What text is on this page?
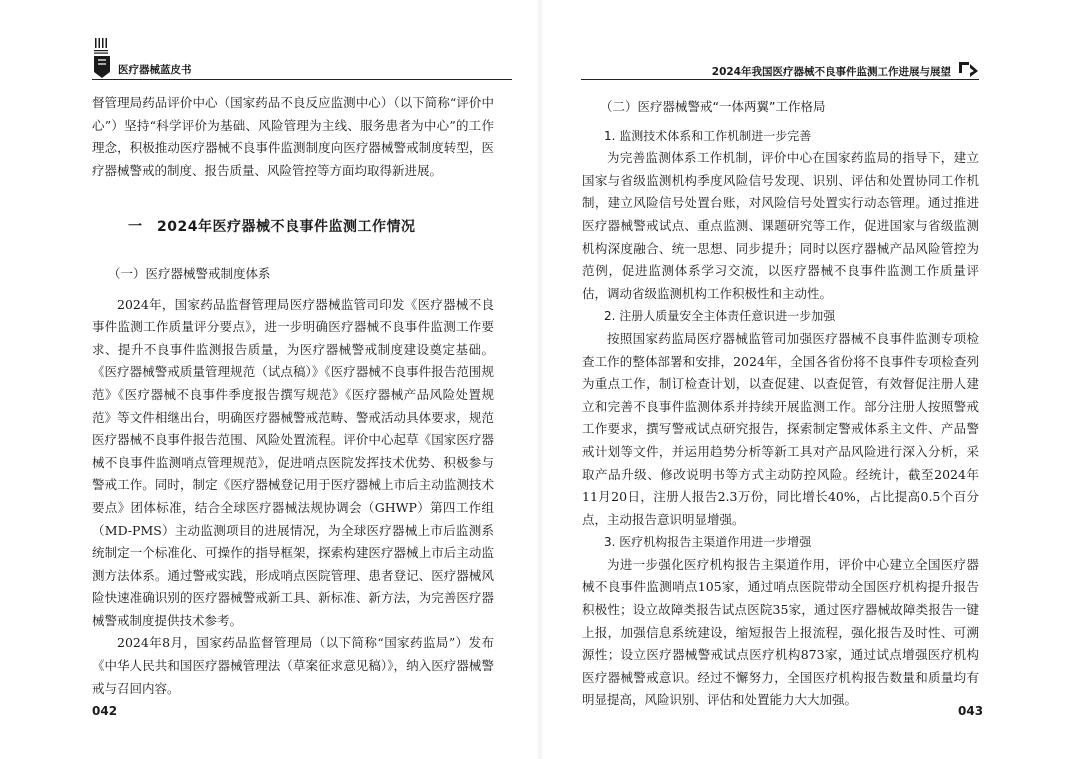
医疗器械蓝皮书

督管理局药品评价中心（国家药品不良反应监测中心）（以下简称“评价中心”）坚持“科学评价为基础、风险管理为主线、服务患者为中心”的工作理念，积极推动医疗器械不良事件监测制度向医疗器械警戒制度转型，医疗器械警戒的制度、报告质量、风险管控等方面均取得新进展。

一　2024年医疗器械不良事件监测工作情况

（一）医疗器械警戒制度体系

2024年，国家药品监督管理局医疗器械监管司印发《医疗器械不良事件监测工作质量评分要点》，进一步明确医疗器械不良事件监测工作要求、提升不良事件监测报告质量，为医疗器械警戒制度建设奠定基础。《医疗器械警戒质量管理规范（试点稿）》《医疗器械不良事件报告范围规范》《医疗器械不良事件季度报告撰写规范》《医疗器械产品风险处置规范》等文件相继出台，明确医疗器械警戒范畴、警戒活动具体要求，规范医疗器械不良事件报告范围、风险处置流程。评价中心起草《国家医疗器械不良事件监测哨点管理规范》，促进哨点医院发挥技术优势、积极参与警戒工作。同时，制定《医疗器械登记用于医疗器械上市后主动监测技术要点》团体标准，结合全球医疗器械法规协调会（GHWP）第四工作组（MD-PMS）主动监测项目的进展情况，为全球医疗器械上市后监测系统制定一个标准化、可操作的指导框架，探索构建医疗器械上市后主动监测方法体系。通过警戒实践，形成哨点医院管理、患者登记、医疗器械风险快速准确识别的医疗器械警戒新工具、新标准、新方法，为完善医疗器械警戒制度提供技术参考。

2024年8月，国家药品监督管理局（以下简称“国家药监局”）发布《中华人民共和国医疗器械管理法（草案征求意见稿）》，纳入医疗器械警戒与召回内容。

042
2024年我国医疗器械不良事件监测工作进展与展望

（二）医疗器械警戒“一体两翼”工作格局

1. 监测技术体系和工作机制进一步完善

为完善监测体系工作机制，评价中心在国家药监局的指导下，建立国家与省级监测机构季度风险信号发现、识别、评估和处置协同工作机制，建立风险信号处置台账，对风险信号处置实行动态管理。通过推进医疗器械警戒试点、重点监测、课题研究等工作，促进国家与省级监测机构深度融合、统一思想、同步提升；同时以医疗器械产品风险管控为范例，促进监测体系学习交流，以医疗器械不良事件监测工作质量评估，调动省级监测机构工作积极性和主动性。

2. 注册人质量安全主体责任意识进一步加强

按照国家药监局医疗器械监管司加强医疗器械不良事件监测专项检查工作的整体部署和安排，2024年，全国各省份将不良事件专项检查列为重点工作，制订检查计划，以查促建、以查促管，有效督促注册人建立和完善不良事件监测体系并持续开展监测工作。部分注册人按照警戒工作要求，撰写警戒试点研究报告，探索制定警戒体系主文件、产品警戒计划等文件，并运用趋势分析等新工具对产品风险进行深入分析，采取产品升级、修改说明书等方式主动防控风险。经统计，截至2024年11月20日，注册人报告2.3万份，同比增长40%，占比提高0.5个百分点，主动报告意识明显增强。

3. 医疗机构报告主渠道作用进一步增强

为进一步强化医疗机构报告主渠道作用，评价中心建立全国医疗器械不良事件监测哨点105家，通过哨点医院带动全国医疗机构提升报告积极性；设立故障类报告试点医院35家，通过医疗器械故障类报告一键上报，加强信息系统建设，缩短报告上报流程，强化报告及时性、可溯源性；设立医疗器械警戒试点医疗机构873家，通过试点增强医疗机构医疗器械警戒意识。经过不懈努力，全国医疗机构报告数量和质量均有明显提高，风险识别、评估和处置能力大大加强。

043
